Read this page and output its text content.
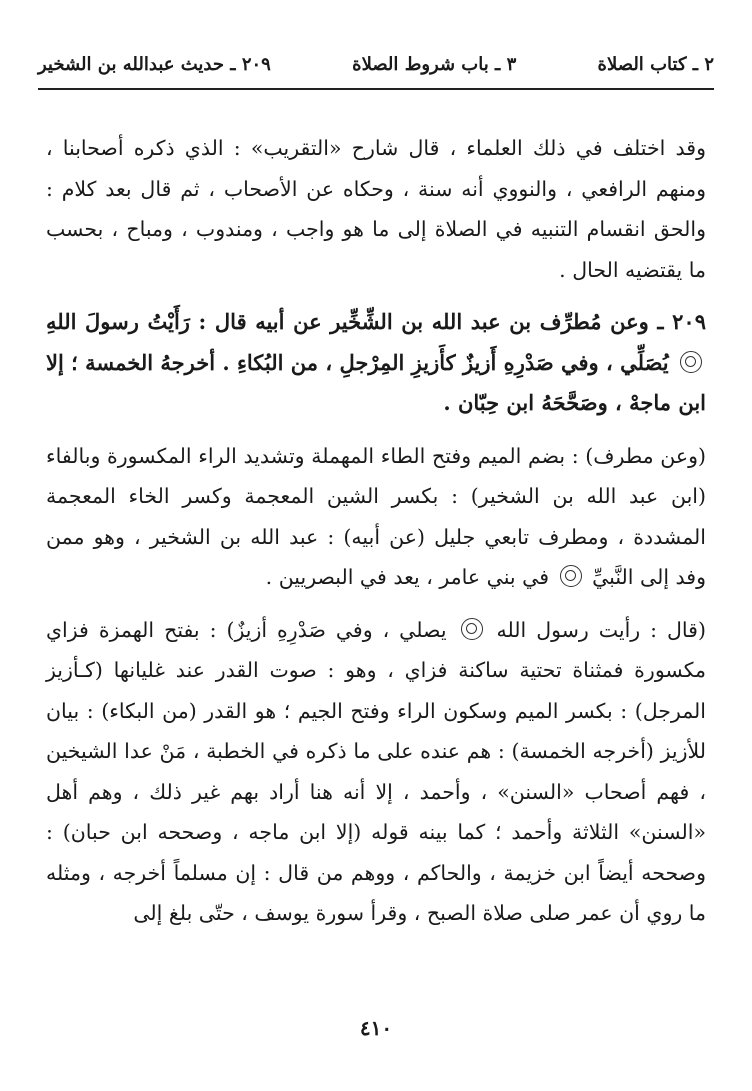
٢ ـ كتاب الصلاة
٣ ـ باب شروط الصلاة
٢٠٩ ـ حديث عبدالله بن الشخير

وقد اختلف في ذلك العلماء ، قال شارح «التقريب» : الذي ذكره أصحابنا ، ومنهم الرافعي ، والنووي أنه سنة ، وحكاه عن الأصحاب ، ثم قال بعد كلام : والحق انقسام التنبيه في الصلاة إلى ما هو واجب ، ومندوب ، ومباح ، بحسب ما يقتضيه الحال .

٢٠٩ ـ وعن مُطرِّف بن عبد الله بن الشِّخِّير عن أبيه قال : رَأَيْتُ رسولَ اللهِ  يُصَلِّي ، وفي صَدْرِهِ أَزيزٌ كأَزيزِ المِرْجلِ ، من البُكاءِ . أخرجهُ الخمسة ؛ إلا ابن ماجهْ ، وصَحَّحَهُ ابن حِبّان .

(وعن مطرف) : بضم الميم وفتح الطاء المهملة وتشديد الراء المكسورة وبالفاء (ابن عبد الله بن الشخير) : بكسر الشين المعجمة وكسر الخاء المعجمة المشددة ، ومطرف تابعي جليل (عن أبيه) : عبد الله بن الشخير ، وهو ممن وفد إلى النَّبيِّ  في بني عامر ، يعد في البصريين .

(قال : رأيت رسول الله  يصلي ، وفي صَدْرِهِ أزيزٌ) : بفتح الهمزة فزاي مكسورة فمثناة تحتية ساكنة فزاي ، وهو : صوت القدر عند غليانها (كـأزيز المرجل) : بكسر الميم وسكون الراء وفتح الجيم ؛ هو القدر (من البكاء) : بيان للأزيز (أخرجه الخمسة) : هم عنده على ما ذكره في الخطبة ، مَنْ عدا الشيخين ، فهم أصحاب «السنن» ، وأحمد ، إلا أنه هنا أراد بهم غير ذلك ، وهم أهل «السنن» الثلاثة وأحمد ؛ كما بينه قوله (إلا ابن ماجه ، وصححه ابن حبان) : وصححه أيضاً ابن خزيمة ، والحاكم ، ووهم من قال : إن مسلماً أخرجه ، ومثله ما روي أن عمر صلى صلاة الصبح ، وقرأ سورة يوسف ، حتّى بلغ إلى

٤١٠
